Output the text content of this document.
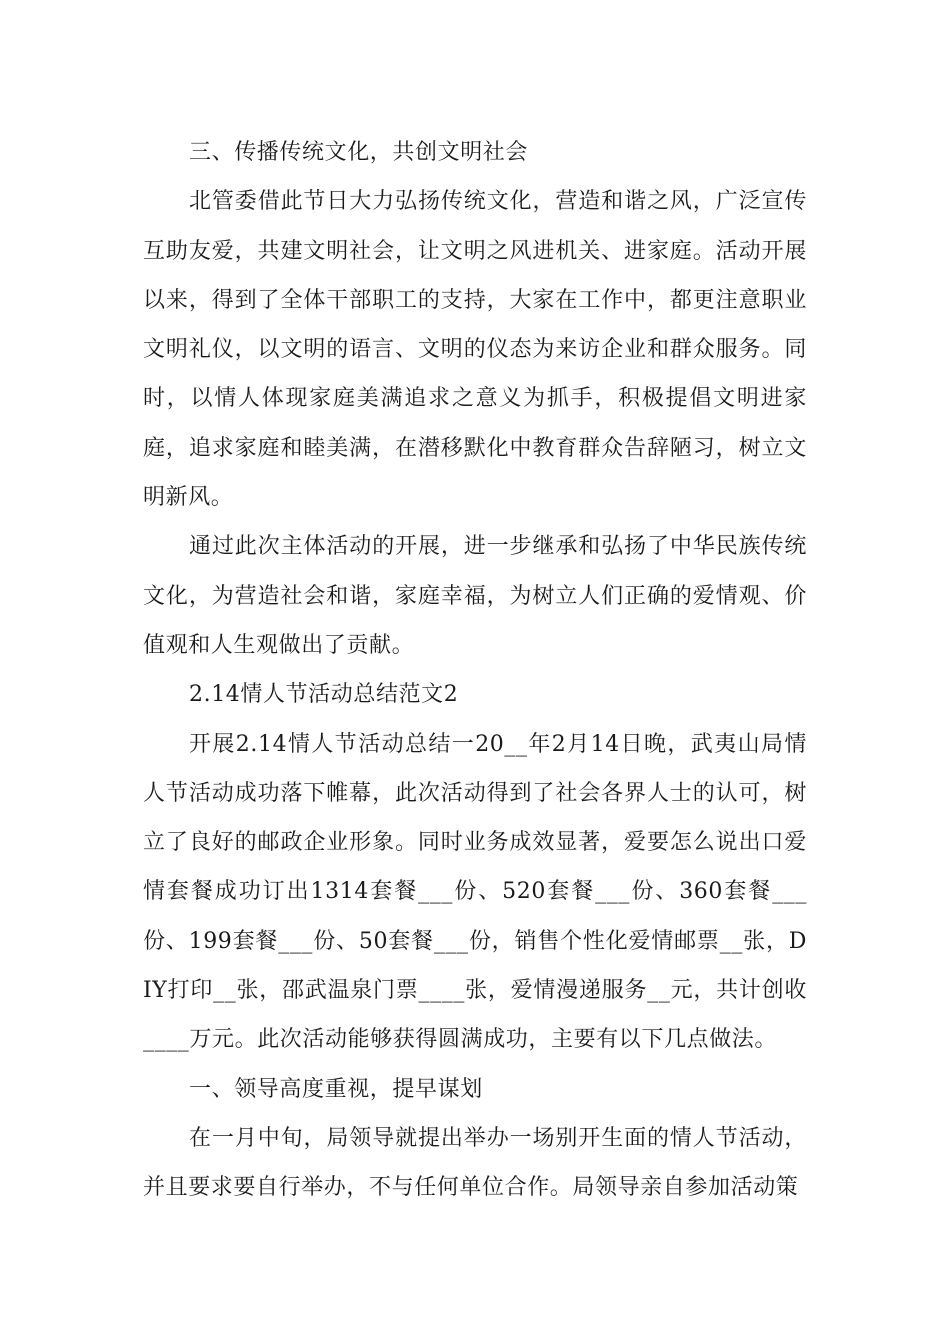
三、传播传统文化，共创文明社会

北管委借此节日大力弘扬传统文化，营造和谐之风，广泛宣传互助友爱，共建文明社会，让文明之风进机关、进家庭。活动开展以来，得到了全体干部职工的支持，大家在工作中，都更注意职业文明礼仪，以文明的语言、文明的仪态为来访企业和群众服务。同时，以情人体现家庭美满追求之意义为抓手，积极提倡文明进家庭，追求家庭和睦美满，在潜移默化中教育群众告辞陋习，树立文明新风。

通过此次主体活动的开展，进一步继承和弘扬了中华民族传统文化，为营造社会和谐，家庭幸福，为树立人们正确的爱情观、价值观和人生观做出了贡献。

2.14情人节活动总结范文2

开展2.14情人节活动总结一20__年2月14日晚，武夷山局情人节活动成功落下帷幕，此次活动得到了社会各界人士的认可，树立了良好的邮政企业形象。同时业务成效显著，爱要怎么说出口爱情套餐成功订出1314套餐___份、520套餐___份、360套餐___份、199套餐___份、50套餐___份，销售个性化爱情邮票__张，DIY打印__张，邵武温泉门票____张，爱情漫递服务__元，共计创收____万元。此次活动能够获得圆满成功，主要有以下几点做法。

一、领导高度重视，提早谋划

在一月中旬，局领导就提出举办一场别开生面的情人节活动，并且要求要自行举办，不与任何单位合作。局领导亲自参加活动策
